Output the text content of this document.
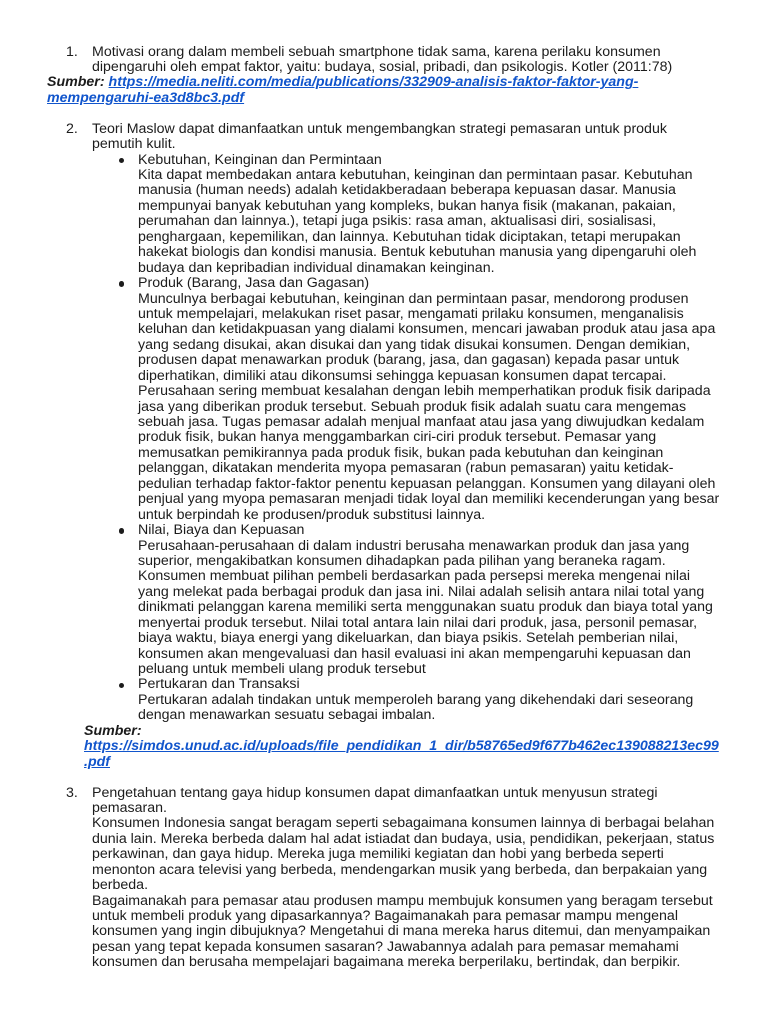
1. Motivasi orang dalam membeli sebuah smartphone tidak sama, karena perilaku konsumen
dipengaruhi oleh empat faktor, yaitu: budaya, sosial, pribadi, dan psikologis. Kotler (2011:78)
Sumber: https://media.neliti.com/media/publications/332909-analisis-faktor-faktor-yang-
mempengaruhi-ea3d8bc3.pdf
2. Teori Maslow dapat dimanfaatkan untuk mengembangkan strategi pemasaran untuk produk
pemutih kulit.
Kebutuhan, Keinginan dan Permintaan
Kita dapat membedakan antara kebutuhan, keinginan dan permintaan pasar. Kebutuhan
manusia (human needs) adalah ketidakberadaan beberapa kepuasan dasar. Manusia
mempunyai banyak kebutuhan yang kompleks, bukan hanya fisik (makanan, pakaian,
perumahan dan lainnya.), tetapi juga psikis: rasa aman, aktualisasi diri, sosialisasi,
penghargaan, kepemilikan, dan lainnya. Kebutuhan tidak diciptakan, tetapi merupakan
hakekat biologis dan kondisi manusia. Bentuk kebutuhan manusia yang dipengaruhi oleh
budaya dan kepribadian individual dinamakan keinginan.
Produk (Barang, Jasa dan Gagasan)
Munculnya berbagai kebutuhan, keinginan dan permintaan pasar, mendorong produsen
untuk mempelajari, melakukan riset pasar, mengamati prilaku konsumen, menganalisis
keluhan dan ketidakpuasan yang dialami konsumen, mencari jawaban produk atau jasa apa
yang sedang disukai, akan disukai dan yang tidak disukai konsumen. Dengan demikian,
produsen dapat menawarkan produk (barang, jasa, dan gagasan) kepada pasar untuk
diperhatikan, dimiliki atau dikonsumsi sehingga kepuasan konsumen dapat tercapai.
Perusahaan sering membuat kesalahan dengan lebih memperhatikan produk fisik daripada
jasa yang diberikan produk tersebut. Sebuah produk fisik adalah suatu cara mengemas
sebuah jasa. Tugas pemasar adalah menjual manfaat atau jasa yang diwujudkan kedalam
produk fisik, bukan hanya menggambarkan ciri-ciri produk tersebut. Pemasar yang
memusatkan pemikirannya pada produk fisik, bukan pada kebutuhan dan keinginan
pelanggan, dikatakan menderita myopa pemasaran (rabun pemasaran) yaitu ketidak-
pedulian terhadap faktor-faktor penentu kepuasan pelanggan. Konsumen yang dilayani oleh
penjual yang myopa pemasaran menjadi tidak loyal dan memiliki kecenderungan yang besar
untuk berpindah ke produsen/produk substitusi lainnya.
Nilai, Biaya dan Kepuasan
Perusahaan-perusahaan di dalam industri berusaha menawarkan produk dan jasa yang
superior, mengakibatkan konsumen dihadapkan pada pilihan yang beraneka ragam.
Konsumen membuat pilihan pembeli berdasarkan pada persepsi mereka mengenai nilai
yang melekat pada berbagai produk dan jasa ini. Nilai adalah selisih antara nilai total yang
dinikmati pelanggan karena memiliki serta menggunakan suatu produk dan biaya total yang
menyertai produk tersebut. Nilai total antara lain nilai dari produk, jasa, personil pemasar,
biaya waktu, biaya energi yang dikeluarkan, dan biaya psikis. Setelah pemberian nilai,
konsumen akan mengevaluasi dan hasil evaluasi ini akan mempengaruhi kepuasan dan
peluang untuk membeli ulang produk tersebut
Pertukaran dan Transaksi
Pertukaran adalah tindakan untuk memperoleh barang yang dikehendaki dari seseorang
dengan menawarkan sesuatu sebagai imbalan.
Sumber:
https://simdos.unud.ac.id/uploads/file_pendidikan_1_dir/b58765ed9f677b462ec139088213ec99
.pdf
3. Pengetahuan tentang gaya hidup konsumen dapat dimanfaatkan untuk menyusun strategi
pemasaran.
Konsumen Indonesia sangat beragam seperti sebagaimana konsumen lainnya di berbagai belahan
dunia lain. Mereka berbeda dalam hal adat istiadat dan budaya, usia, pendidikan, pekerjaan, status
perkawinan, dan gaya hidup. Mereka juga memiliki kegiatan dan hobi yang berbeda seperti
menonton acara televisi yang berbeda, mendengarkan musik yang berbeda, dan berpakaian yang
berbeda.
Bagaimanakah para pemasar atau produsen mampu membujuk konsumen yang beragam tersebut
untuk membeli produk yang dipasarkannya? Bagaimanakah para pemasar mampu mengenal
konsumen yang ingin dibujuknya? Mengetahui di mana mereka harus ditemui, dan menyampaikan
pesan yang tepat kepada konsumen sasaran? Jawabannya adalah para pemasar memahami
konsumen dan berusaha mempelajari bagaimana mereka berperilaku, bertindak, dan berpikir.
